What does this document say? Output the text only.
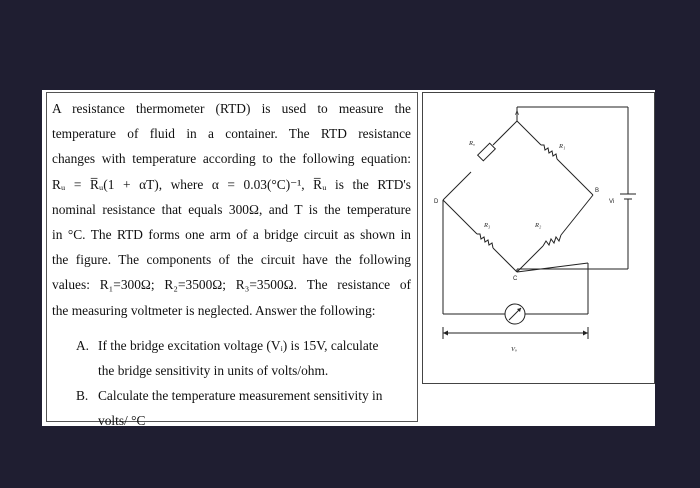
A resistance thermometer (RTD) is used to measure the
temperature of fluid in a container. The RTD resistance
changes with temperature according to the following equation:
Rᵤ = R̅ᵤ(1 + αT), where α = 0.03(°C)⁻¹, R̅ᵤ is the RTD's
nominal resistance that equals 300Ω, and T is the temperature
in °C. The RTD forms one arm of a bridge circuit as shown in
the figure. The components of the circuit have the following
values: R₁=300Ω; R₂=3500Ω; R₃=3500Ω. The resistance of
the measuring voltmeter is neglected. Answer the following:

A. If the bridge excitation voltage (Vᵢ) is 15V, calculate
the bridge sensitivity in units of volts/ohm.
B. Calculate the temperature measurement sensitivity in
volts/ °C
A
B
C
D
Rᵤ	R₁
R₃	R₂
Vi
Vₒ
